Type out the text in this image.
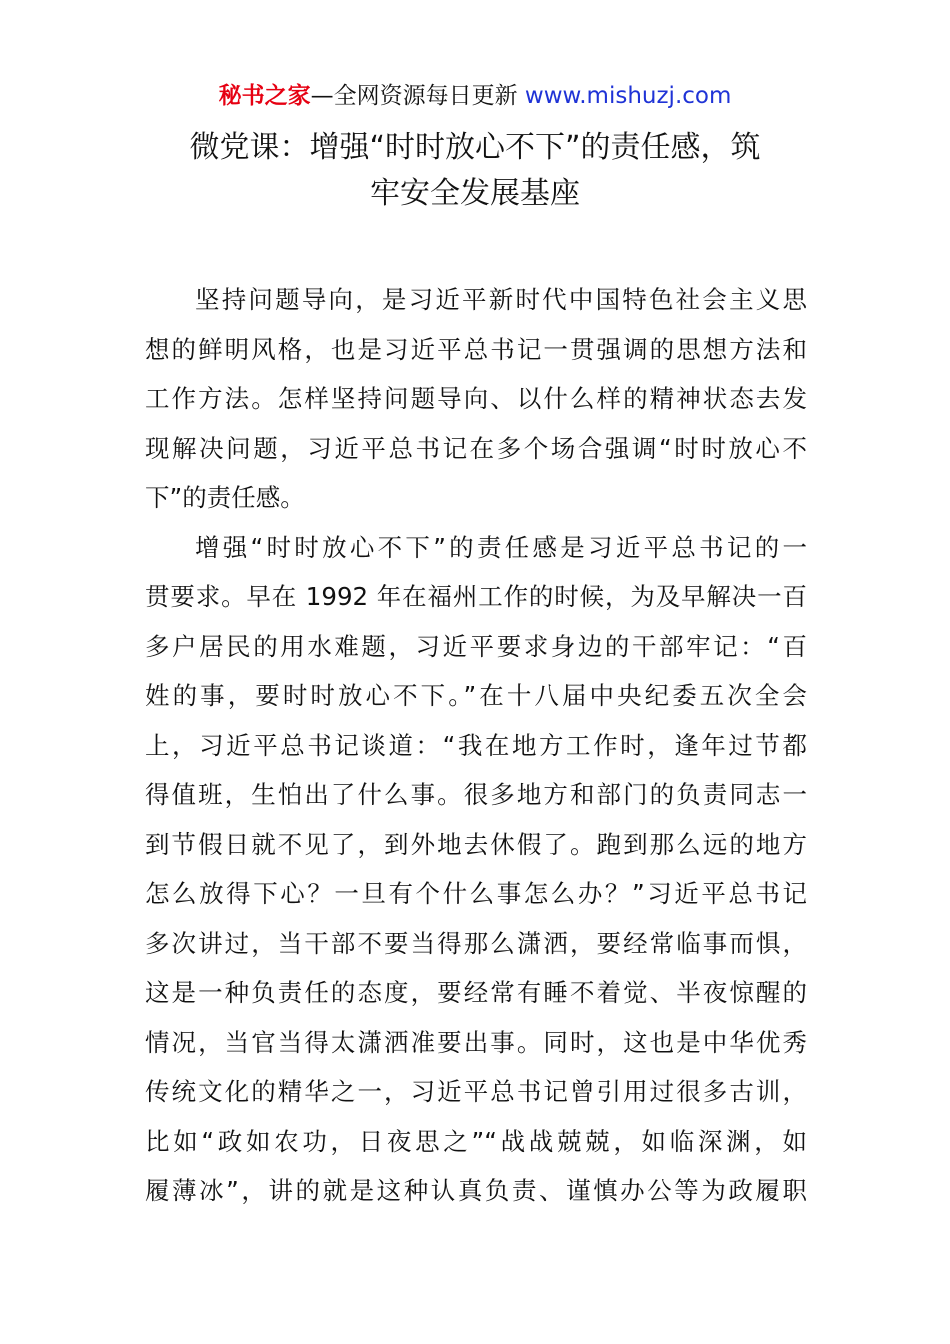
秘书之家—全网资源每日更新 www.mishuzj.com
微党课：增强“时时放心不下”的责任感，筑
牢安全发展基座
坚持问题导向，是习近平新时代中国特色社会主义思
想的鲜明风格，也是习近平总书记一贯强调的思想方法和
工作方法。怎样坚持问题导向、以什么样的精神状态去发
现解决问题，习近平总书记在多个场合强调“时时放心不
下”的责任感。
增强“时时放心不下”的责任感是习近平总书记的一
贯要求。早在 1992 年在福州工作的时候，为及早解决一百
多户居民的用水难题，习近平要求身边的干部牢记：“百
姓的事，要时时放心不下。”在十八届中央纪委五次全会
上，习近平总书记谈道：“我在地方工作时，逢年过节都
得值班，生怕出了什么事。很多地方和部门的负责同志一
到节假日就不见了，到外地去休假了。跑到那么远的地方
怎么放得下心？一旦有个什么事怎么办？”习近平总书记
多次讲过，当干部不要当得那么潇洒，要经常临事而惧，
这是一种负责任的态度，要经常有睡不着觉、半夜惊醒的
情况，当官当得太潇洒准要出事。同时，这也是中华优秀
传统文化的精华之一，习近平总书记曾引用过很多古训，
比如“政如农功，日夜思之”“战战兢兢，如临深渊，如
履薄冰”，讲的就是这种认真负责、谨慎办公等为政履职
